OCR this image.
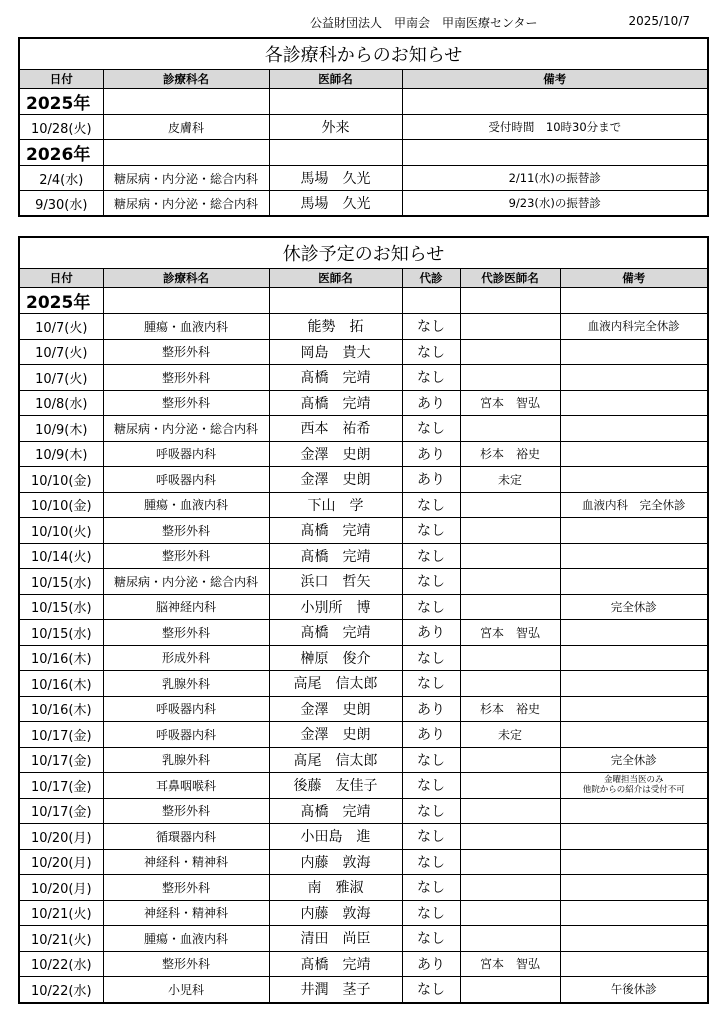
公益財団法人　甲南会　甲南医療センター	2025/10/7
各診療科からのお知らせ			
日付	診療科名	医師名	備考
2025年			
10/28(火)	皮膚科	外来	受付時間　10時30分まで
2026年			
2/4(水)	糖尿病・内分泌・総合内科	馬場　久光	2/11(水)の振替診
9/30(水)	糖尿病・内分泌・総合内科	馬場　久光	9/23(水)の振替診
休診予定のお知らせ					
日付	診療科名	医師名	代診	代診医師名	備考
2025年					
10/7(火)	腫瘍・血液内科	能勢　拓	なし		血液内科完全休診
10/7(火)	整形外科	岡島　貴大	なし		
10/7(火)	整形外科	髙橋　完靖	なし		
10/8(水)	整形外科	髙橋　完靖	あり	宮本　智弘	
10/9(木)	糖尿病・内分泌・総合内科	西本　祐希	なし		
10/9(木)	呼吸器内科	金澤　史朗	あり	杉本　裕史	
10/10(金)	呼吸器内科	金澤　史朗	あり	未定	
10/10(金)	腫瘍・血液内科	下山　学	なし		血液内科　完全休診
10/10(火)	整形外科	髙橋　完靖	なし		
10/14(火)	整形外科	髙橋　完靖	なし		
10/15(水)	糖尿病・内分泌・総合内科	浜口　哲矢	なし		
10/15(水)	脳神経内科	小別所　博	なし		完全休診
10/15(水)	整形外科	髙橋　完靖	あり	宮本　智弘	
10/16(木)	形成外科	榊原　俊介	なし		
10/16(木)	乳腺外科	高尾　信太郎	なし		
10/16(木)	呼吸器内科	金澤　史朗	あり	杉本　裕史	
10/17(金)	呼吸器内科	金澤　史朗	あり	未定	
10/17(金)	乳腺外科	髙尾　信太郎	なし		完全休診
10/17(金)	耳鼻咽喉科	後藤　友佳子	なし		金曜担当医のみ
他院からの紹介は受付不可

10/17(金)	整形外科	髙橋　完靖	なし		
10/20(月)	循環器内科	小田島　進	なし		
10/20(月)	神経科・精神科	内藤　敦海	なし		
10/20(月)	整形外科	南　雅淑	なし		
10/21(火)	神経科・精神科	内藤　敦海	なし		
10/21(火)	腫瘍・血液内科	清田　尚臣	なし		
10/22(水)	整形外科	髙橋　完靖	あり	宮本　智弘	
10/22(水)	小児科	井潤　茎子	なし		午後休診
